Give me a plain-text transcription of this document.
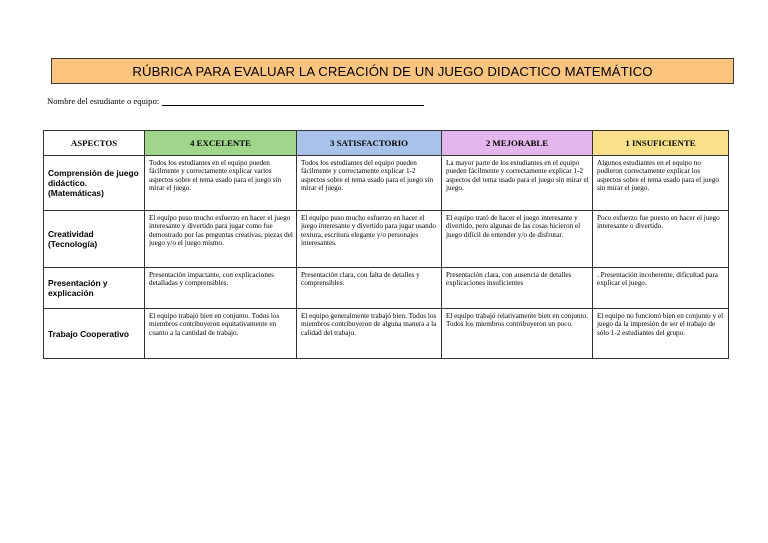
RÚBRICA PARA EVALUAR LA CREACIÓN DE UN JUEGO DIDACTICO MATEMÁTICO
Nombre del estudiante o equipo:
ASPECTOS	4 EXCELENTE	3 SATISFACTORIO	2 MEJORABLE	1 INSUFICIENTE
Comprensión de juego didáctico. (Matemáticas)	Todos los estudiantes en el equipo pueden fácilmente y correctamente explicar varios aspectos sobre el tema usado para el juego sin mirar el juego.	Todos los estudiantes del equipo pueden fácilmente y correctamente explicar 1-2 aspectos sobre el tema usado para el juego sin mirar el juego.	La mayor parte de los estudiantes en el equipo pueden fácilmente y correctamente explicar 1-2 aspectos del tema usado para el juego sin mirar el juego.	Algunos estudiantes en el equipo no pudieron correctamente explicar los aspectos sobre el tema usado para el juego sin mirar el juego.
Creatividad (Tecnología)	El equipo puso mucho esfuerzo en hacer el juego interesante y divertido para jugar como fue demostrado por las preguntas creativas, piezas del juego y/o el juego mismo.	El equipo puso mucho esfuerzo en hacer el juego interesante y divertido para jugar usando textura, escritura elegante y/o personajes interesantes.	El equipo trató de hacer el juego interesante y divertido, pero algunas de las cosas hicieron el juego difícil de entender y/o de disfrutar.	Poco esfuerzo fue puesto en hacer el juego interesante o divertido.
Presentación y explicación	Presentación impactante, con explicaciones detalladas y comprensibles.	Presentación clara, con falta de detalles y comprensibles.	Presentación clara, con ausencia de detalles explicaciones insuficientes	. Presentación incoherente, dificultad para explicar el juego.
Trabajo Cooperativo	El equipo trabajó bien en conjunto. Todos los miembros contribuyeron equitativamente en cuanto a la cantidad de trabajo.	El equipo generalmente trabajó bien. Todos los miembros contribuyeron de alguna manera a la calidad del trabajo.	El equipo trabajó relativamente bien en conjunto. Todos los miembros contribuyeron un poco.	El equipo no funcionó bien en conjunto y el juego da la impresión de ser el trabajo de sólo 1-2 estudiantes del grupo.
